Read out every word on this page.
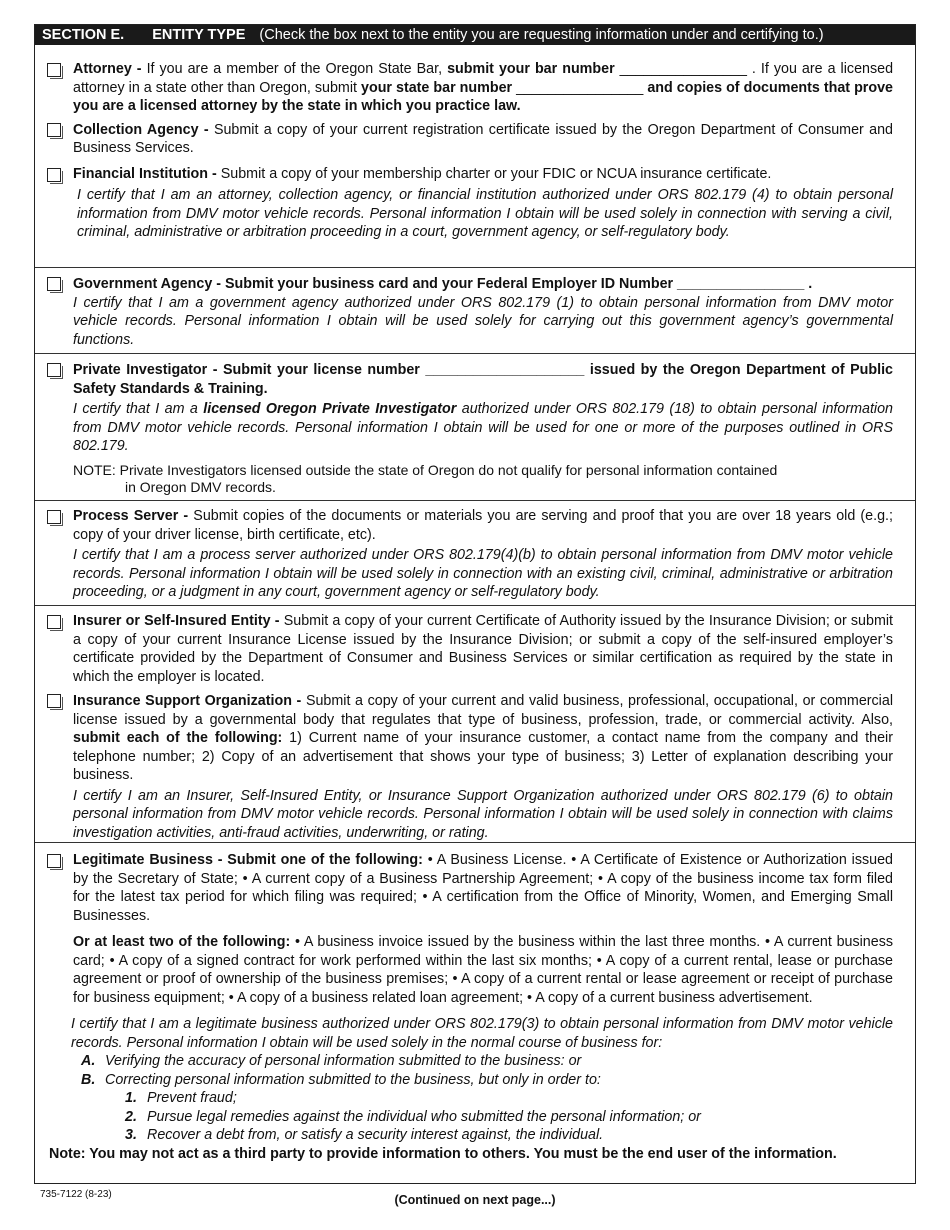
SECTION E. ENTITY TYPE (Check the box next to the entity you are requesting information under and certifying to.)

Attorney - If you are a member of the Oregon State Bar, submit your bar number ________________ . If you are a licensed attorney in a state other than Oregon, submit your state bar number ________________ and copies of documents that prove you are a licensed attorney by the state in which you practice law.

Collection Agency - Submit a copy of your current registration certificate issued by the Oregon Department of Consumer and Business Services.

Financial Institution - Submit a copy of your membership charter or your FDIC or NCUA insurance certificate.

I certify that I am an attorney, collection agency, or financial institution authorized under ORS 802.179 (4) to obtain personal information from DMV motor vehicle records. Personal information I obtain will be used solely in connection with serving a civil, criminal, administrative or arbitration proceeding in a court, government agency, or self-regulatory body.

Government Agency - Submit your business card and your Federal Employer ID Number ________________ .

I certify that I am a government agency authorized under ORS 802.179 (1) to obtain personal information from DMV motor vehicle records. Personal information I obtain will be used solely for carrying out this government agency’s governmental functions.

Private Investigator - Submit your license number ____________________ issued by the Oregon Department of Public Safety Standards & Training.

I certify that I am a licensed Oregon Private Investigator authorized under ORS 802.179 (18) to obtain personal information from DMV motor vehicle records. Personal information I obtain will be used for one or more of the purposes outlined in ORS 802.179.

NOTE: Private Investigators licensed outside the state of Oregon do not qualify for personal information contained

in Oregon DMV records.

Process Server - Submit copies of the documents or materials you are serving and proof that you are over 18 years old (e.g.; copy of your driver license, birth certificate, etc).

I certify that I am a process server authorized under ORS 802.179(4)(b) to obtain personal information from DMV motor vehicle records. Personal information I obtain will be used solely in connection with an existing civil, criminal, administrative or arbitration proceeding, or a judgment in any court, government agency or self-regulatory body.

Insurer or Self-Insured Entity - Submit a copy of your current Certificate of Authority issued by the Insurance Division; or submit a copy of your current Insurance License issued by the Insurance Division; or submit a copy of the self-insured employer’s certificate provided by the Department of Consumer and Business Services or similar certification as required by the state in which the employer is located.

Insurance Support Organization - Submit a copy of your current and valid business, professional, occupational, or commercial license issued by a governmental body that regulates that type of business, profession, trade, or commercial activity. Also, submit each of the following: 1) Current name of your insurance customer, a contact name from the company and their telephone number; 2) Copy of an advertisement that shows your type of business; 3) Letter of explanation describing your business.

I certify I am an Insurer, Self-Insured Entity, or Insurance Support Organization authorized under ORS 802.179 (6) to obtain personal information from DMV motor vehicle records. Personal information I obtain will be used solely in connection with claims investigation activities, anti-fraud activities, underwriting, or rating.

Legitimate Business - Submit one of the following: • A Business License. • A Certificate of Existence or Authorization issued by the Secretary of State; • A current copy of a Business Partnership Agreement; • A copy of the business income tax form filed for the latest tax period for which filing was required; • A certification from the Office of Minority, Women, and Emerging Small Businesses.

Or at least two of the following: • A business invoice issued by the business within the last three months. • A current business card; • A copy of a signed contract for work performed within the last six months; • A copy of a current rental, lease or purchase agreement or proof of ownership of the business premises; • A copy of a current rental or lease agreement or receipt of purchase for business equipment; • A copy of a business related loan agreement; • A copy of a current business advertisement.

I certify that I am a legitimate business authorized under ORS 802.179(3) to obtain personal information from DMV motor vehicle records. Personal information I obtain will be used solely in the normal course of business for:

A. Verifying the accuracy of personal information submitted to the business: or
B. Correcting personal information submitted to the business, but only in order to:
1. Prevent fraud;
2. Pursue legal remedies against the individual who submitted the personal information; or
3. Recover a debt from, or satisfy a security interest against, the individual.

Note: You may not act as a third party to provide information to others. You must be the end user of the information.

735-7122 (8-23)	(Continued on next page...)
